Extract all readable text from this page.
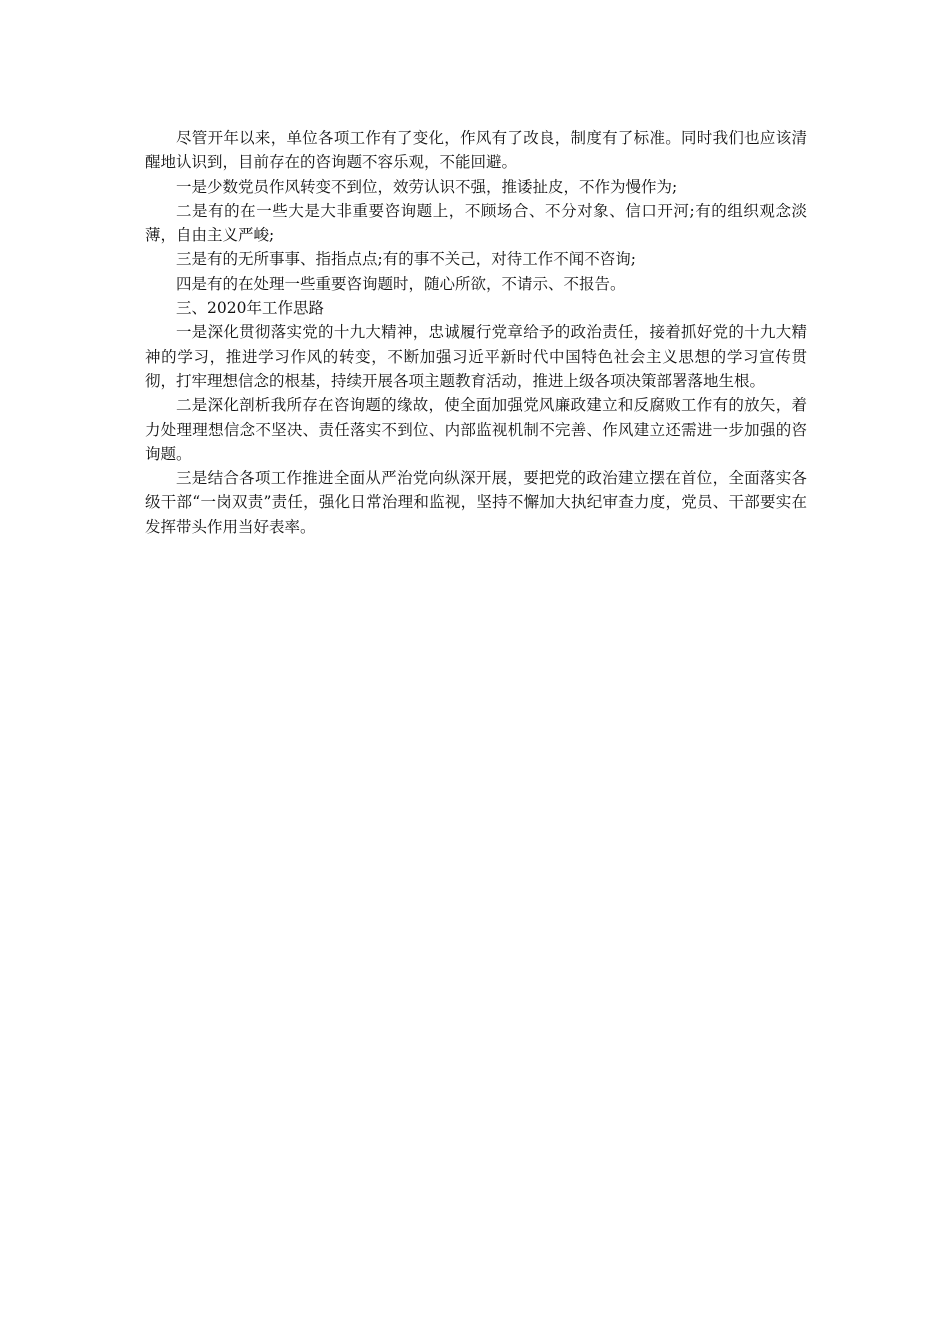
尽管开年以来，单位各项工作有了变化，作风有了改良，制度有了标准。同时我们也应该清醒地认识到，目前存在的咨询题不容乐观，不能回避。

一是少数党员作风转变不到位，效劳认识不强，推诿扯皮，不作为慢作为;

二是有的在一些大是大非重要咨询题上，不顾场合、不分对象、信口开河;有的组织观念淡薄，自由主义严峻;

三是有的无所事事、指指点点;有的事不关己，对待工作不闻不咨询;

四是有的在处理一些重要咨询题时，随心所欲，不请示、不报告。

三、2020年工作思路

一是深化贯彻落实党的十九大精神，忠诚履行党章给予的政治责任，接着抓好党的十九大精神的学习，推进学习作风的转变，不断加强习近平新时代中国特色社会主义思想的学习宣传贯彻，打牢理想信念的根基，持续开展各项主题教育活动，推进上级各项决策部署落地生根。

二是深化剖析我所存在咨询题的缘故，使全面加强党风廉政建立和反腐败工作有的放矢，着力处理理想信念不坚决、责任落实不到位、内部监视机制不完善、作风建立还需进一步加强的咨询题。

三是结合各项工作推进全面从严治党向纵深开展，要把党的政治建立摆在首位，全面落实各级干部“一岗双责”责任，强化日常治理和监视，坚持不懈加大执纪审查力度，党员、干部要实在发挥带头作用当好表率。
